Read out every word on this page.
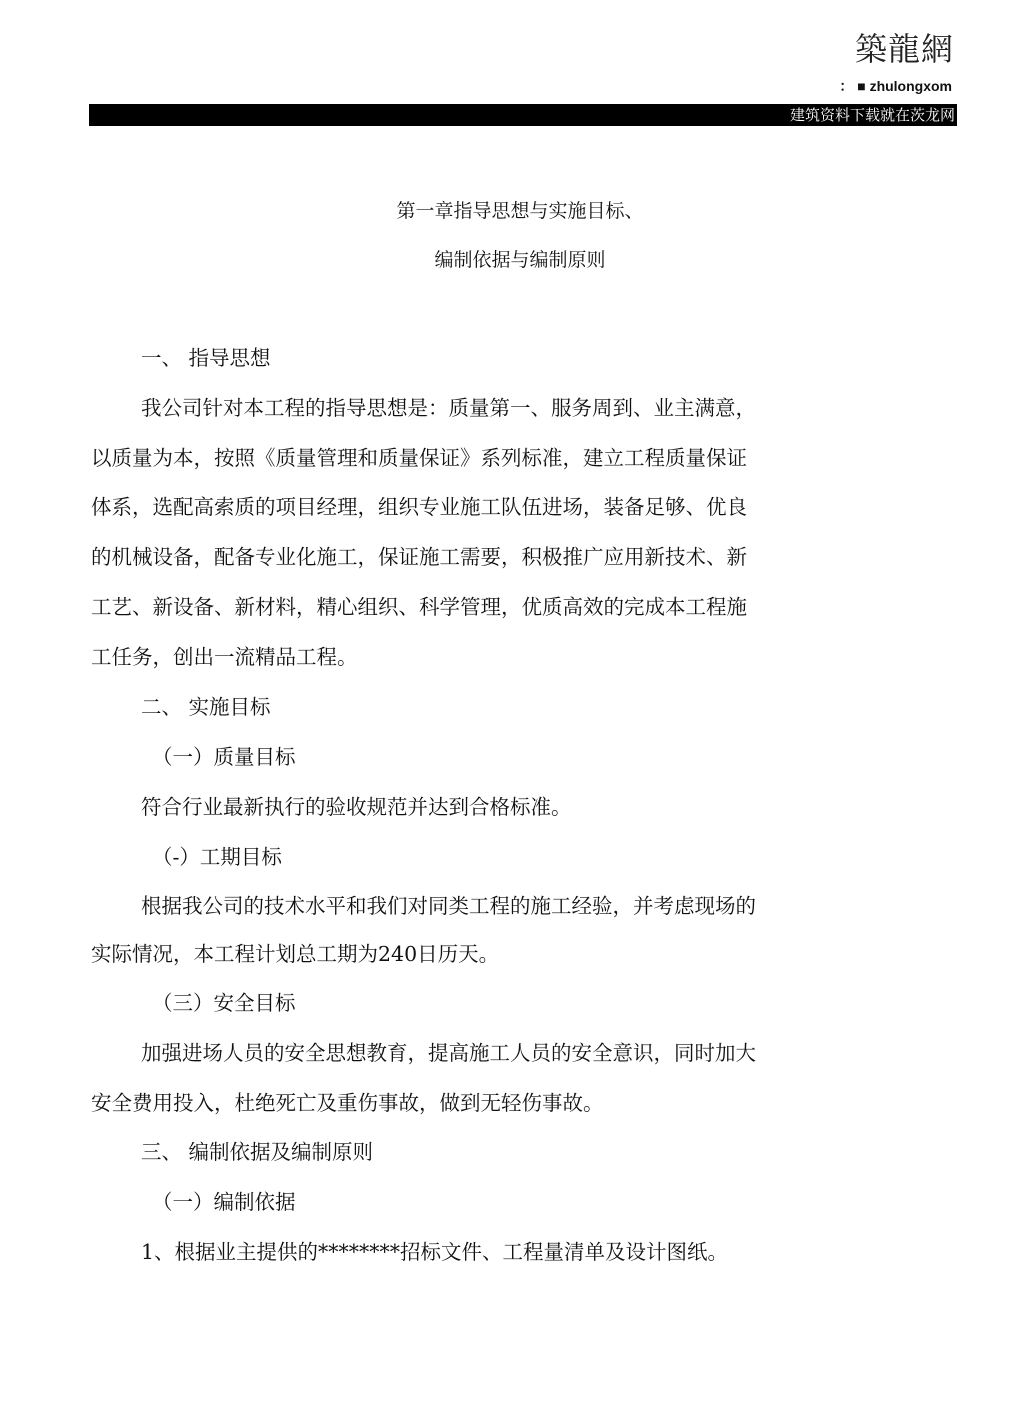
築龍網
： ■ zhulongxom
建筑资料下载就在茨龙网
第一章指导思想与实施目标、
编制依据与编制原则
一、 指导思想
我公司针对本工程的指导思想是：质量第一、服务周到、业主满意，
以质量为本，按照《质量管理和质量保证》系列标准，建立工程质量保证
体系，选配高索质的项目经理，组织专业施工队伍进场，装备足够、优良
的机械设备，配备专业化施工，保证施工需要，积极推广应用新技术、新
工艺、新设备、新材料，精心组织、科学管理，优质高效的完成本工程施
工任务，创出一流精品工程。
二、 实施目标
（一）质量目标
符合行业最新执行的验收规范并达到合格标准。
（-）工期目标
根据我公司的技术水平和我们对同类工程的施工经验，并考虑现场的
实际情况，本工程计划总工期为240日历天。
（三）安全目标
加强进场人员的安全思想教育，提高施工人员的安全意识，同时加大
安全费用投入，杜绝死亡及重伤事故，做到无轻伤事故。
三、 编制依据及编制原则
（一）编制依据
1、根据业主提供的********招标文件、工程量清单及设计图纸。
